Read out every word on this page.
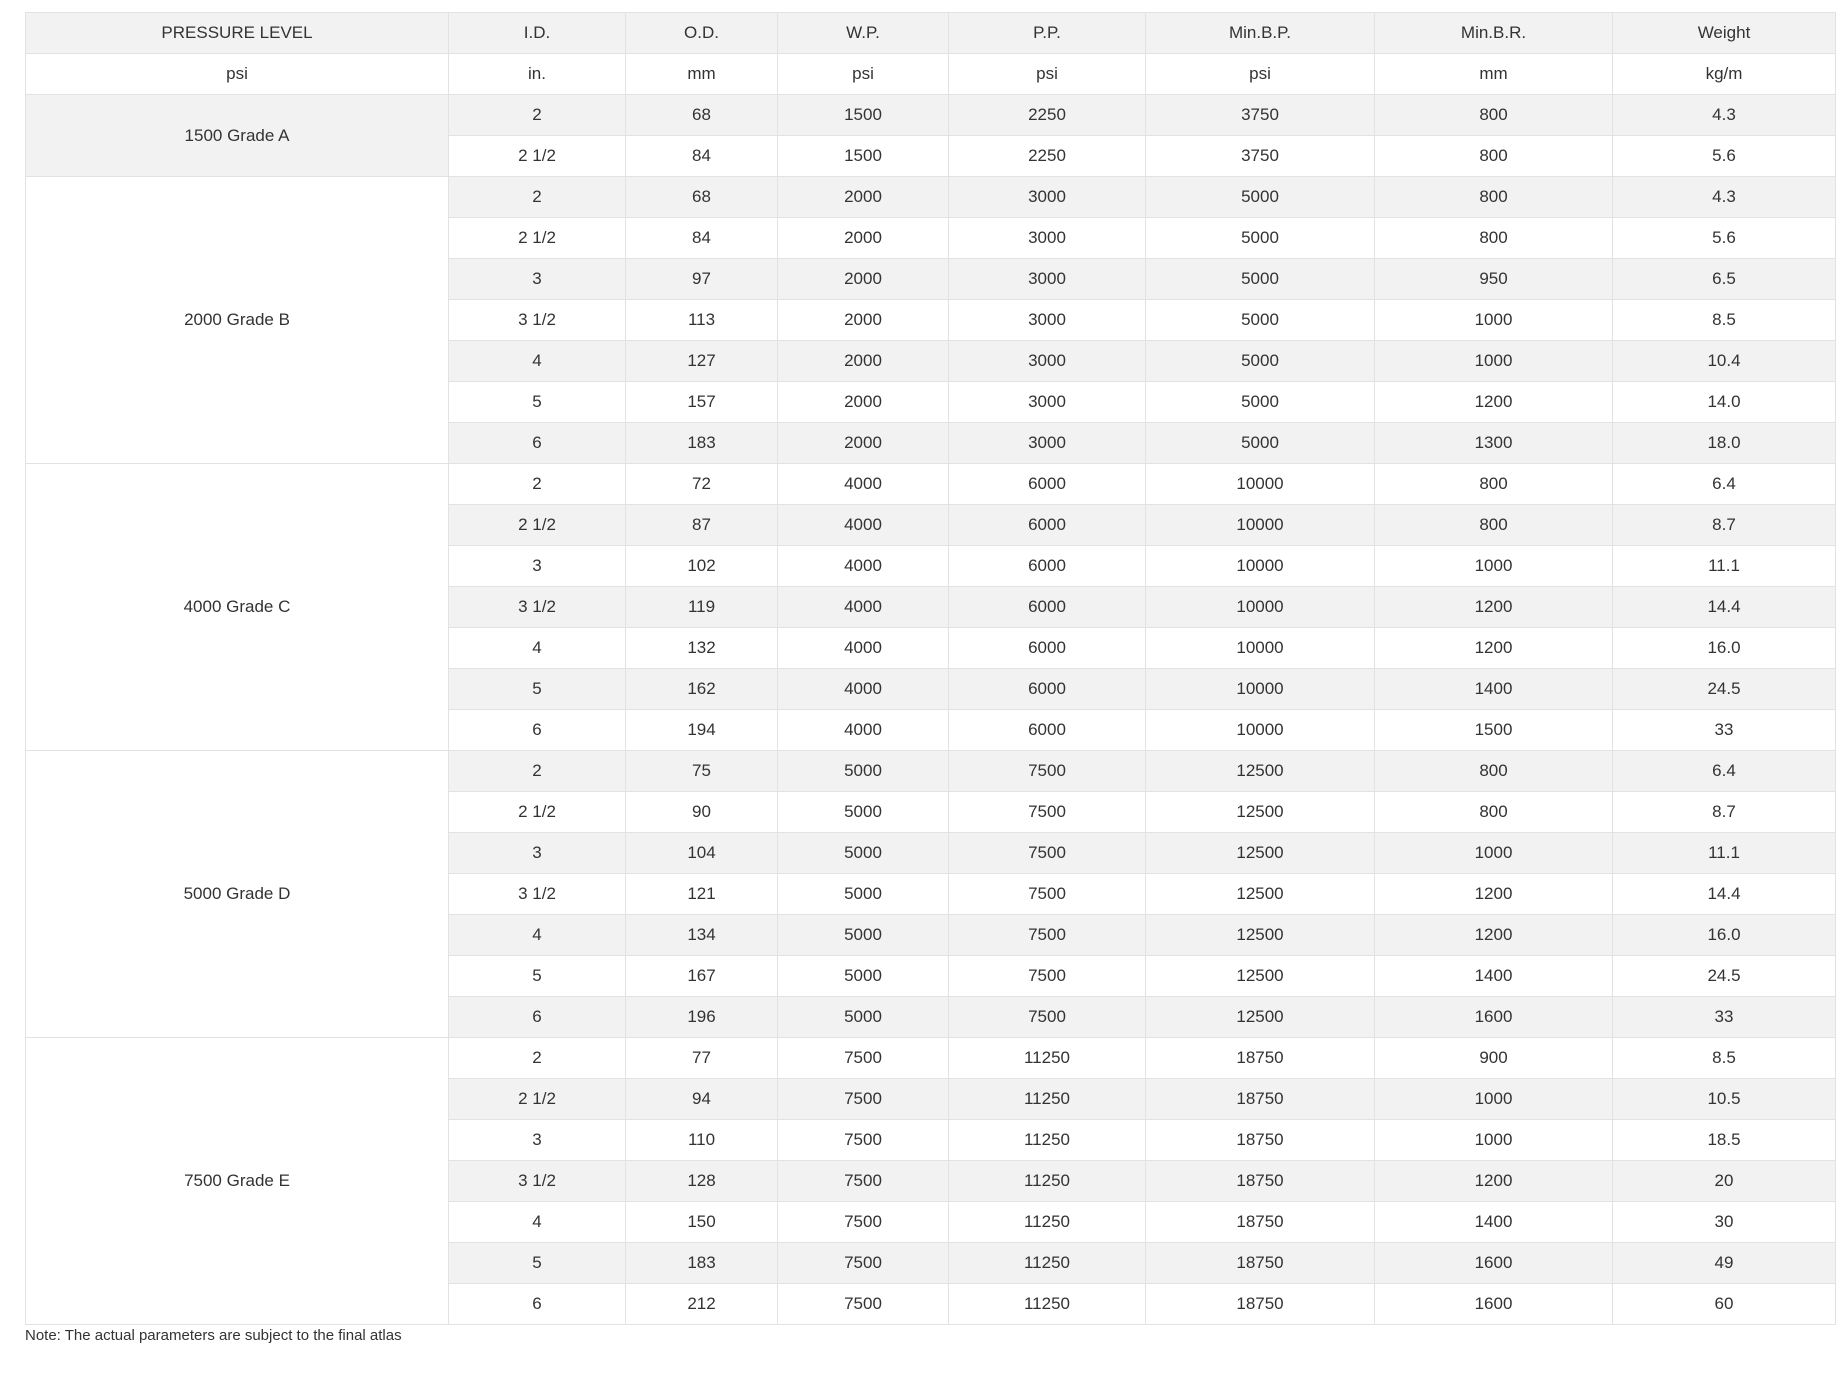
PRESSURE LEVEL	I.D.	O.D.	W.P.	P.P.	Min.B.P.	Min.B.R.	Weight
psi	in.	mm	psi	psi	psi	mm	kg/m
1500 Grade A	2	68	1500	2250	3750	800	4.3
	2 1/2	84	1500	2250	3750	800	5.6
2000 Grade B	2	68	2000	3000	5000	800	4.3
	2 1/2	84	2000	3000	5000	800	5.6
	3	97	2000	3000	5000	950	6.5
	3 1/2	113	2000	3000	5000	1000	8.5
	4	127	2000	3000	5000	1000	10.4
	5	157	2000	3000	5000	1200	14.0
	6	183	2000	3000	5000	1300	18.0
4000 Grade C	2	72	4000	6000	10000	800	6.4
	2 1/2	87	4000	6000	10000	800	8.7
	3	102	4000	6000	10000	1000	11.1
	3 1/2	119	4000	6000	10000	1200	14.4
	4	132	4000	6000	10000	1200	16.0
	5	162	4000	6000	10000	1400	24.5
	6	194	4000	6000	10000	1500	33
5000 Grade D	2	75	5000	7500	12500	800	6.4
	2 1/2	90	5000	7500	12500	800	8.7
	3	104	5000	7500	12500	1000	11.1
	3 1/2	121	5000	7500	12500	1200	14.4
	4	134	5000	7500	12500	1200	16.0
	5	167	5000	7500	12500	1400	24.5
	6	196	5000	7500	12500	1600	33
7500 Grade E	2	77	7500	11250	18750	900	8.5
	2 1/2	94	7500	11250	18750	1000	10.5
	3	110	7500	11250	18750	1000	18.5
	3 1/2	128	7500	11250	18750	1200	20
	4	150	7500	11250	18750	1400	30
	5	183	7500	11250	18750	1600	49
	6	212	7500	11250	18750	1600	60
Note: The actual parameters are subject to the final atlas
